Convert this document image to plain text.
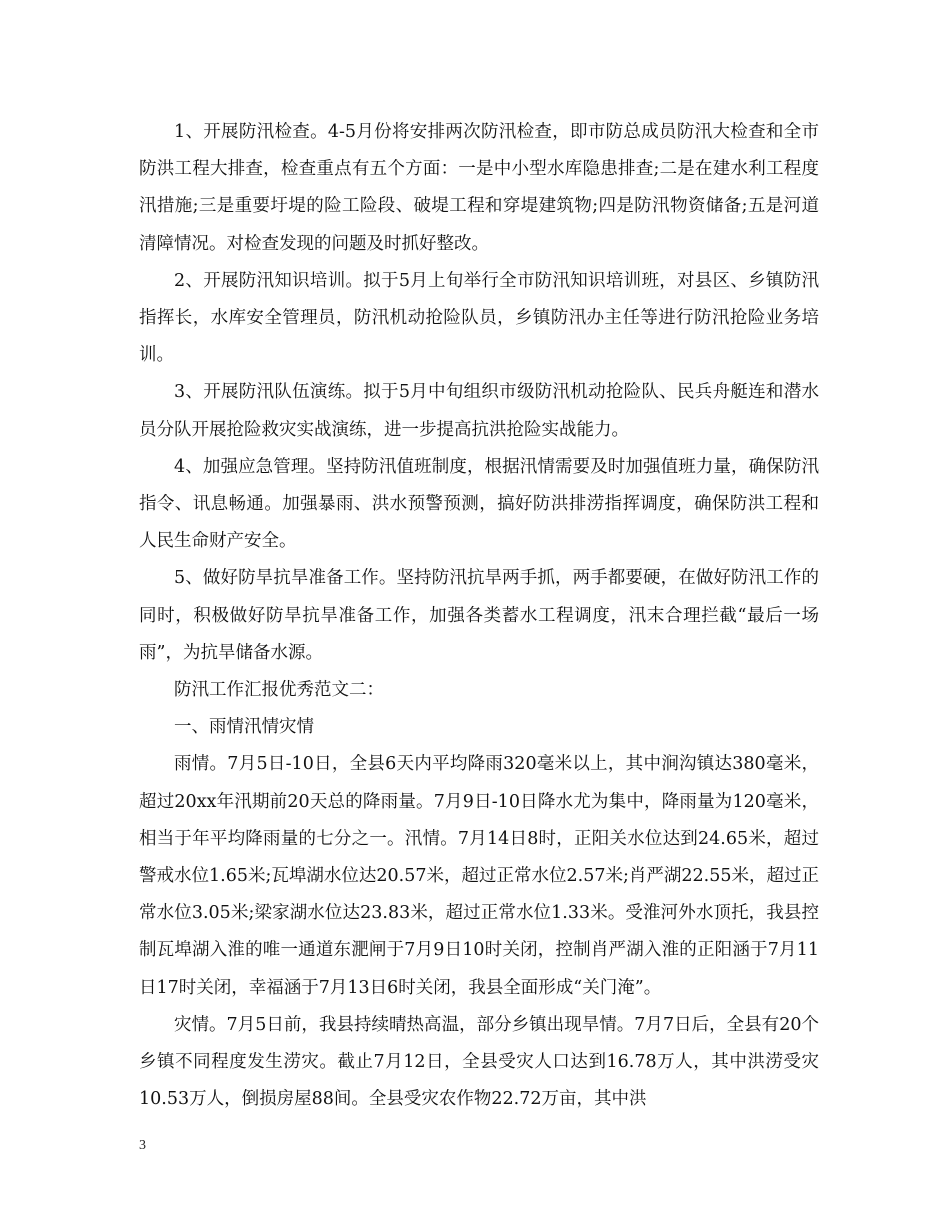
1、开展防汛检查。4-5月份将安排两次防汛检查，即市防总成员防汛大检查和全市防洪工程大排查，检查重点有五个方面：一是中小型水库隐患排查;二是在建水利工程度汛措施;三是重要圩堤的险工险段、破堤工程和穿堤建筑物;四是防汛物资储备;五是河道清障情况。对检查发现的问题及时抓好整改。

2、开展防汛知识培训。拟于5月上旬举行全市防汛知识培训班，对县区、乡镇防汛指挥长，水库安全管理员，防汛机动抢险队员，乡镇防汛办主任等进行防汛抢险业务培训。

3、开展防汛队伍演练。拟于5月中旬组织市级防汛机动抢险队、民兵舟艇连和潜水员分队开展抢险救灾实战演练，进一步提高抗洪抢险实战能力。

4、加强应急管理。坚持防汛值班制度，根据汛情需要及时加强值班力量，确保防汛指令、讯息畅通。加强暴雨、洪水预警预测，搞好防洪排涝指挥调度，确保防洪工程和人民生命财产安全。

5、做好防旱抗旱准备工作。坚持防汛抗旱两手抓，两手都要硬，在做好防汛工作的同时，积极做好防旱抗旱准备工作，加强各类蓄水工程调度，汛末合理拦截“最后一场雨”，为抗旱储备水源。

防汛工作汇报优秀范文二：

一、雨情汛情灾情

雨情。7月5日-10日，全县6天内平均降雨320毫米以上，其中涧沟镇达380毫米，超过20xx年汛期前20天总的降雨量。7月9日-10日降水尤为集中，降雨量为120毫米，相当于年平均降雨量的七分之一。汛情。7月14日8时，正阳关水位达到24.65米，超过警戒水位1.65米;瓦埠湖水位达20.57米，超过正常水位2.57米;肖严湖22.55米，超过正常水位3.05米;梁家湖水位达23.83米，超过正常水位1.33米。受淮河外水顶托，我县控制瓦埠湖入淮的唯一通道东淝闸于7月9日10时关闭，控制肖严湖入淮的正阳涵于7月11日17时关闭，幸福涵于7月13日6时关闭，我县全面形成“关门淹”。

灾情。7月5日前，我县持续晴热高温，部分乡镇出现旱情。7月7日后，全县有20个乡镇不同程度发生涝灾。截止7月12日，全县受灾人口达到16.78万人，其中洪涝受灾10.53万人，倒损房屋88间。全县受灾农作物22.72万亩，其中洪

3
